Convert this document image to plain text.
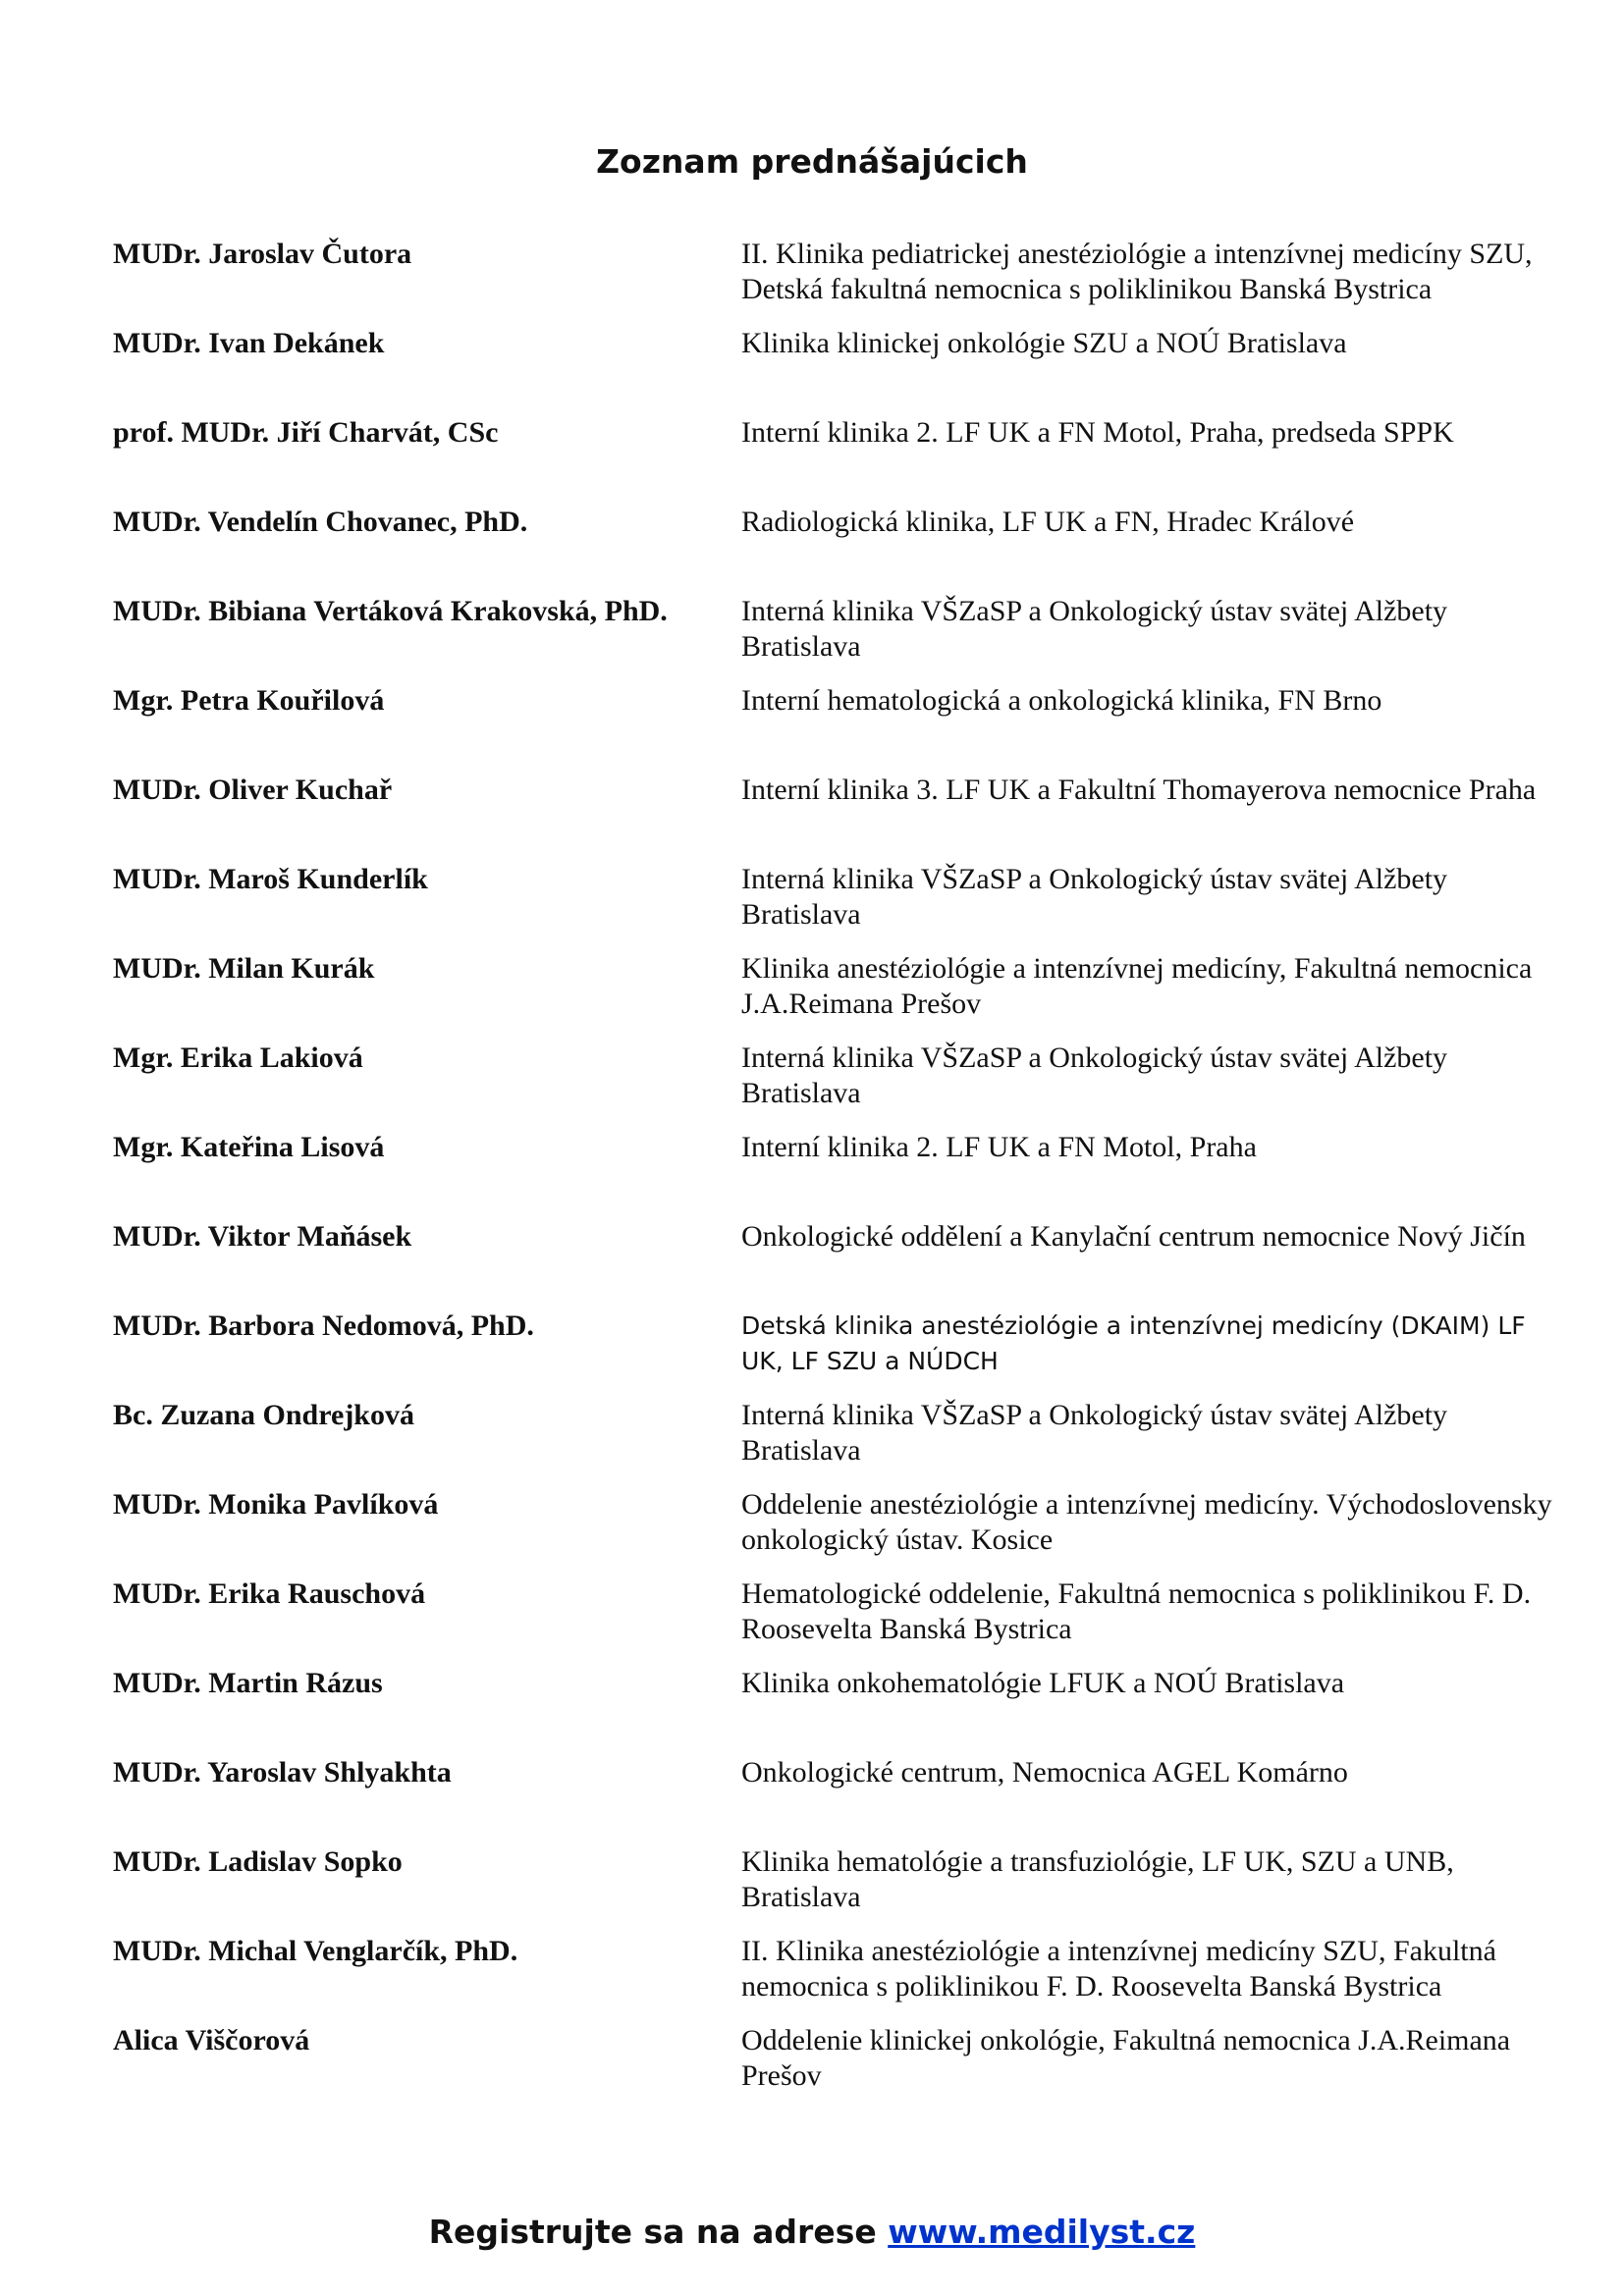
Zoznam prednášajúcich
MUDr. Jaroslav Čutora	II. Klinika pediatrickej anestéziológie a intenzívnej medicíny SZU, Detská fakultná nemocnica s poliklinikou Banská Bystrica
MUDr. Ivan Dekánek	Klinika klinickej onkológie SZU a NOÚ Bratislava
prof. MUDr. Jiří Charvát, CSc	Interní klinika 2. LF UK a FN Motol, Praha, predseda SPPK
MUDr. Vendelín Chovanec, PhD.	Radiologická klinika, LF UK a FN, Hradec Králové
MUDr. Bibiana Vertáková Krakovská, PhD.	Interná klinika VŠZaSP a Onkologický ústav svätej Alžbety Bratislava
Mgr. Petra Kouřilová	Interní hematologická a onkologická klinika, FN Brno
MUDr. Oliver Kuchař	Interní klinika 3. LF UK a Fakultní Thomayerova nemocnice Praha
MUDr. Maroš Kunderlík	Interná klinika VŠZaSP a Onkologický ústav svätej Alžbety Bratislava
MUDr. Milan Kurák	Klinika anestéziológie a intenzívnej medicíny, Fakultná nemocnica J.A.Reimana Prešov
Mgr. Erika Lakiová	Interná klinika VŠZaSP a Onkologický ústav svätej Alžbety Bratislava
Mgr. Kateřina Lisová	Interní klinika 2. LF UK a FN Motol, Praha
MUDr. Viktor Maňásek	Onkologické oddělení a Kanylační centrum nemocnice Nový Jičín
MUDr. Barbora Nedomová, PhD.	Detská klinika anestéziológie a intenzívnej medicíny (DKAIM) LF UK, LF SZU a NÚDCH
Bc. Zuzana Ondrejková	Interná klinika VŠZaSP a Onkologický ústav svätej Alžbety Bratislava
MUDr. Monika Pavlíková	Oddelenie anestéziológie a intenzívnej medicíny. Východoslovensky onkologický ústav. Kosice
MUDr. Erika Rauschová	Hematologické oddelenie, Fakultná nemocnica s poliklinikou F. D. Roosevelta Banská Bystrica
MUDr. Martin Rázus	Klinika onkohematológie LFUK a NOÚ Bratislava
MUDr. Yaroslav Shlyakhta	Onkologické centrum, Nemocnica AGEL Komárno
MUDr. Ladislav Sopko	Klinika hematológie a transfuziológie, LF UK, SZU a UNB, Bratislava
MUDr. Michal Venglarčík, PhD.	II. Klinika anestéziológie a intenzívnej medicíny SZU, Fakultná nemocnica s poliklinikou F. D. Roosevelta Banská Bystrica
Alica Viščorová	Oddelenie klinickej onkológie, Fakultná nemocnica J.A.Reimana Prešov
Registrujte sa na adrese www.medilyst.cz
